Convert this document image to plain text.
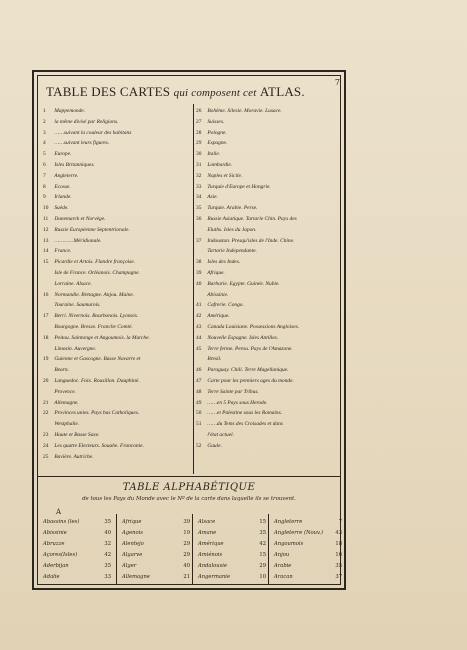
TABLE DES CARTES qui composent cet ATLAS.
7
1 Mappemonde.
2 la même divisé par Religions.
3 ……suivant la couleur des habitans
4 ……suivant leurs figures.
5 Europe.
6 Isles Britanniques.
7 Angleterre.
8 Ecosse.
9 Irlande.
10 Suède.
11 Danemarck et Norvège.
12 Russie Européenne Septentrionale.
13 …………Méridionale.
14 France.
15 Picardie et Artois. Flandre françoise.
Isle de France. Orléanois. Champagne.
Lorraine. Alsace.
16 Normandie. Bretagne. Anjou. Maine.
Touraine. Saumurois.
17 Berri. Nivernois. Bourbonois. Lyonois.
Bourgogne. Bresse. Franche Comté.
18 Poitou. Saintonge et Angoumois. la Marche.
Limosin. Auvergne.
19 Guienne et Gascogne. Basse Navarre et
Bearn.
20 Languedoc. Foix. Rousillon. Dauphiné.
Provence.
21 Allemagne.
22 Provinces unies. Pays bas Catholiques.
Westphalie.
23 Haute et Basse Saxe.
24 Les quatre Electeurs. Souabe. Franconie.
25 Bavière. Autriche.
26 Bohême. Silesie. Moravie. Lusace.
27 Suisses.
28 Pologne.
29 Espagne.
30 Italie.
31 Lombardie.
32 Naples et Sicile.
33 Turquie d'Europe et Hongrie.
34 Asie.
35 Turquie. Arabie. Perse.
36 Russie Asiatique. Tartarie Chin. Pays des
Eluths. Isles du Japon.
37 Indoustan. Presqu'isles de l'Inde. Chine.
Tartarie Independante.
38 Isles des Indes.
39 Afrique.
40 Barbarie. Egypte. Guinée. Nubie.
Abissinie.
41 Cafrerie. Congo.
42 Amérique.
43 Canada Louisiane. Possessions Angloises.
44 Nouvelle Espagne. Isles Antilles.
45 Terre ferme. Perou. Pays de l'Amazone.
Bresil.
46 Paraguay. Chili. Terre Magellanique.
47 Carte pour les premiers ages du monde.
48 Terre Sainte par Tribus.
49 ……en 5 Pays sous Herode.
50 ……et Palestine sous les Romains.
51 ……du Tems des Croisades et dans
l'état actuel.
52 Gaule.
TABLE ALPHABÉTIQUE
de tous les Pays du Monde avec le Nº de la carte dans laquelle ils se trouvent.
A
Abassins (les)	35
Abissinie	40
Abruzze	32
Açores(Isles)	42
Aderbijan	35
Adalie	33
Afrique	39
Agenois	19
Alentejo	29
Algarve	29
Alger	40
Allemagne	21
Alsace	15
Amane	35
Amérique	42
Amiénois	15
Andalousie	29
Angermanie	10
Angleterre	7
Angleterre (Nouv.) 43
Angoumois	18
Anjou	16
Arabie	35
Aracan	37
